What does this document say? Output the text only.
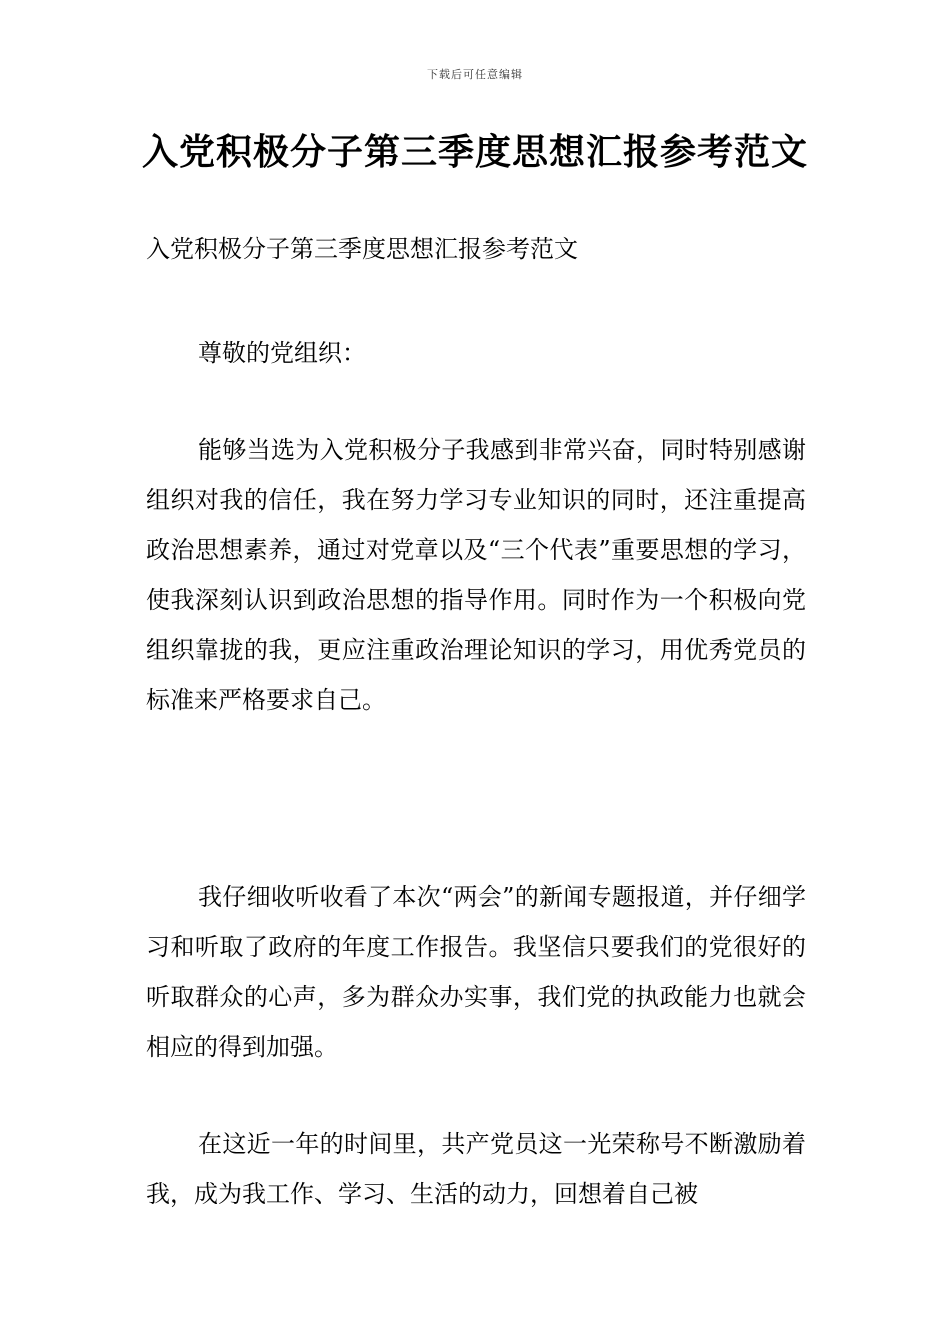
下载后可任意编辑
入党积极分子第三季度思想汇报参考范文

入党积极分子第三季度思想汇报参考范文

尊敬的党组织：

能够当选为入党积极分子我感到非常兴奋，同时特别感谢组织对我的信任，我在努力学习专业知识的同时，还注重提高政治思想素养，通过对党章以及“三个代表”重要思想的学习，使我深刻认识到政治思想的指导作用。同时作为一个积极向党组织靠拢的我，更应注重政治理论知识的学习，用优秀党员的标准来严格要求自己。

我仔细收听收看了本次“两会”的新闻专题报道，并仔细学习和听取了政府的年度工作报告。我坚信只要我们的党很好的听取群众的心声，多为群众办实事，我们党的执政能力也就会相应的得到加强。

在这近一年的时间里，共产党员这一光荣称号不断激励着我，成为我工作、学习、生活的动力，回想着自己被
